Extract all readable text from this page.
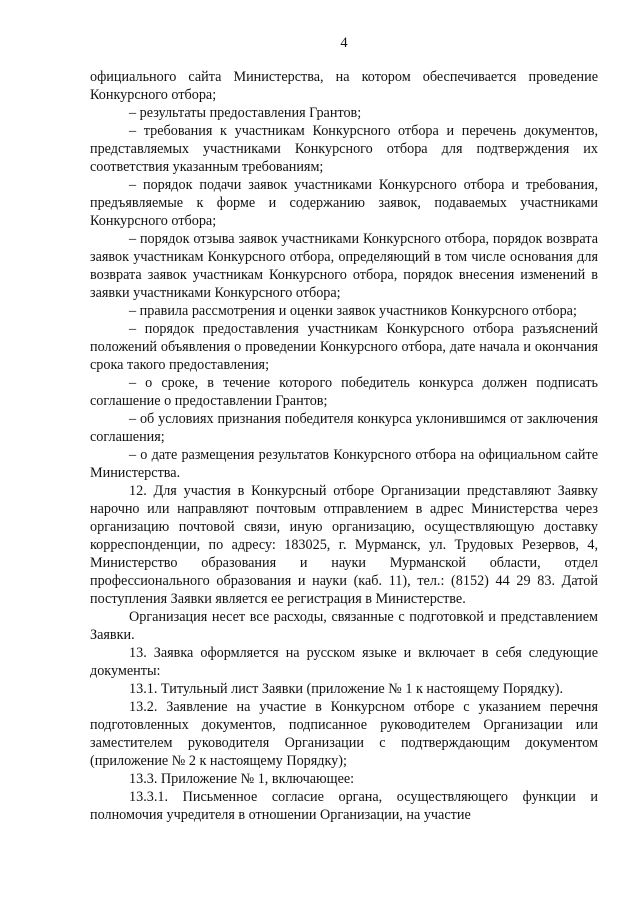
4

официального сайта Министерства, на котором обеспечивается проведение Конкурсного отбора;

– результаты предоставления Грантов;

– требования к участникам Конкурсного отбора и перечень документов, представляемых участниками Конкурсного отбора для подтверждения их соответствия указанным требованиям;

– порядок подачи заявок участниками Конкурсного отбора и требования, предъявляемые к форме и содержанию заявок, подаваемых участниками Конкурсного отбора;

– порядок отзыва заявок участниками Конкурсного отбора, порядок возврата заявок участникам Конкурсного отбора, определяющий в том числе основания для возврата заявок участникам Конкурсного отбора, порядок внесения изменений в заявки участниками Конкурсного отбора;

– правила рассмотрения и оценки заявок участников Конкурсного отбора;

– порядок предоставления участникам Конкурсного отбора разъяснений положений объявления о проведении Конкурсного отбора, дате начала и окончания срока такого предоставления;

– о сроке, в течение которого победитель конкурса должен подписать соглашение о предоставлении Грантов;

– об условиях признания победителя конкурса уклонившимся от заключения соглашения;

– о дате размещения результатов Конкурсного отбора на официальном сайте Министерства.

12. Для участия в Конкурсный отборе Организации представляют Заявку нарочно или направляют почтовым отправлением в адрес Министерства через организацию почтовой связи, иную организацию, осуществляющую доставку корреспонденции, по адресу: 183025, г. Мурманск, ул. Трудовых Резервов, 4, Министерство образования и науки Мурманской области, отдел профессионального образования и науки (каб. 11), тел.: (8152) 44 29 83. Датой поступления Заявки является ее регистрация в Министерстве.

Организация несет все расходы, связанные с подготовкой и представлением Заявки.

13. Заявка оформляется на русском языке и включает в себя следующие документы:

13.1. Титульный лист Заявки (приложение № 1 к настоящему Порядку).

13.2. Заявление на участие в Конкурсном отборе с указанием перечня подготовленных документов, подписанное руководителем Организации или заместителем руководителя Организации с подтверждающим документом (приложение № 2 к настоящему Порядку);

13.3. Приложение № 1, включающее:

13.3.1. Письменное согласие органа, осуществляющего функции и полномочия учредителя в отношении Организации, на участие
